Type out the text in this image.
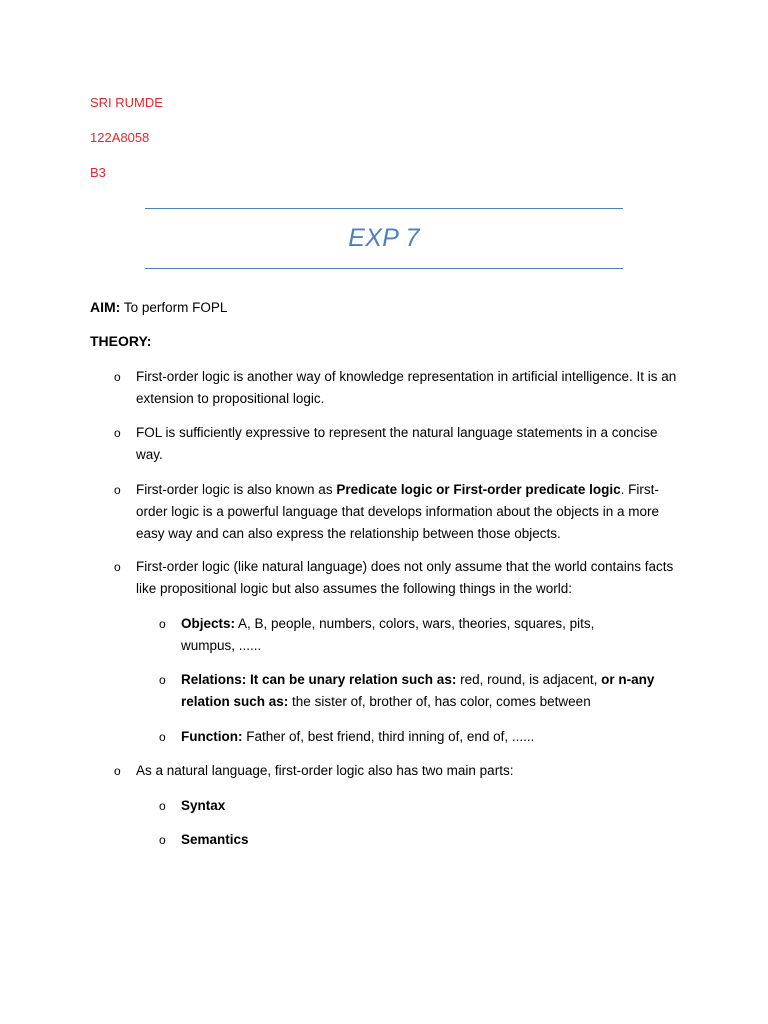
SRI RUMDE
122A8058
B3
EXP 7
AIM: To perform FOPL
THEORY:
o First-order logic is another way of knowledge representation in artificial intelligence. It is an extension to propositional logic.
o FOL is sufficiently expressive to represent the natural language statements in a concise way.
o First-order logic is also known as Predicate logic or First-order predicate logic. First-order logic is a powerful language that develops information about the objects in a more easy way and can also express the relationship between those objects.
o First-order logic (like natural language) does not only assume that the world contains facts like propositional logic but also assumes the following things in the world:
o Objects: A, B, people, numbers, colors, wars, theories, squares, pits, wumpus, ......
o Relations: It can be unary relation such as: red, round, is adjacent, or n-any relation such as: the sister of, brother of, has color, comes between
o Function: Father of, best friend, third inning of, end of, ......
o As a natural language, first-order logic also has two main parts:
o Syntax
o Semantics
